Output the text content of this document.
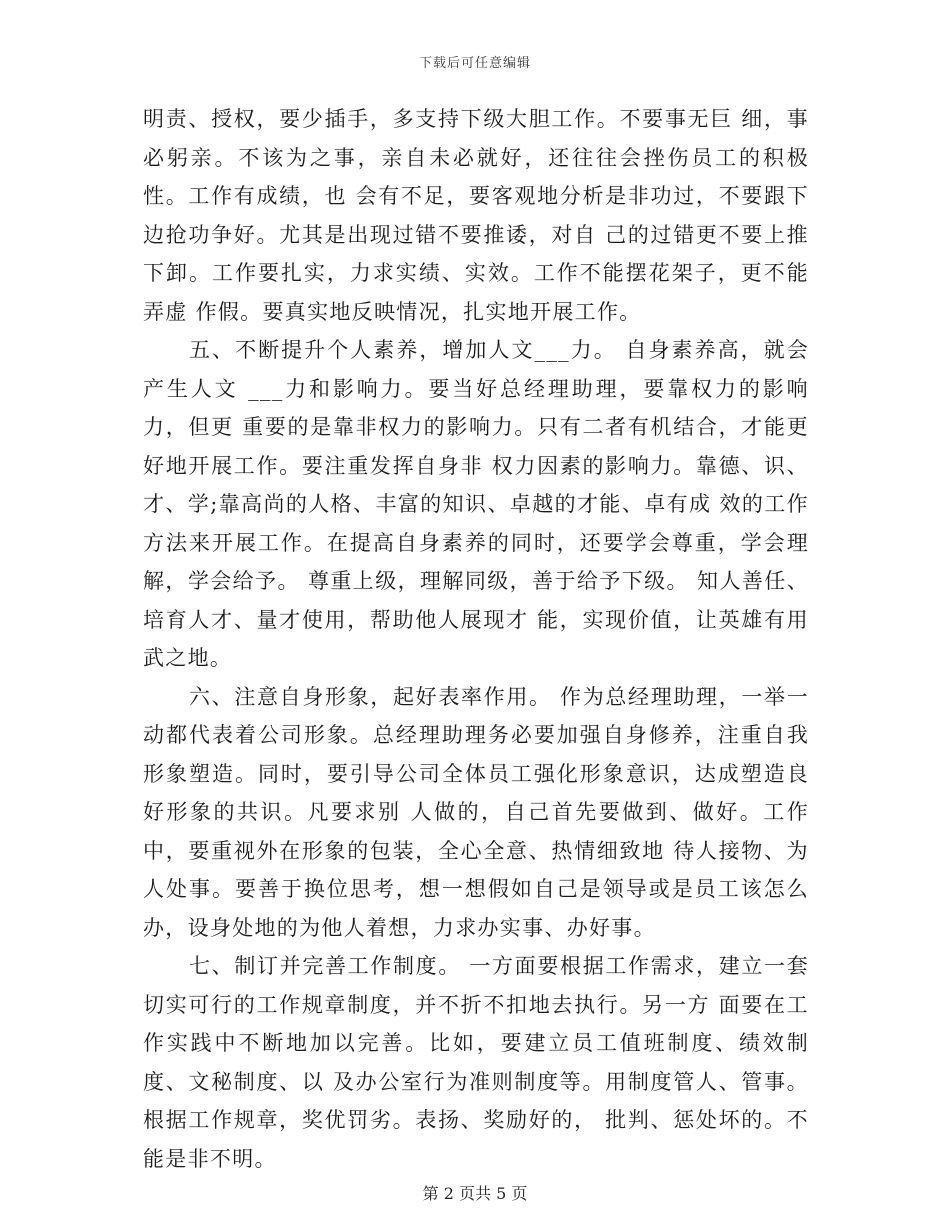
下载后可任意编辑

明责、授权，要少插手，多支持下级大胆工作。不要事无巨 细，事必躬亲。不该为之事，亲自未必就好，还往往会挫伤员工的积极性。工作有成绩，也 会有不足，要客观地分析是非功过，不要跟下边抢功争好。尤其是出现过错不要推诿，对自 己的过错更不要上推下卸。工作要扎实，力求实绩、实效。工作不能摆花架子，更不能弄虚 作假。要真实地反映情况，扎实地开展工作。

五、不断提升个人素养，增加人文___力。 自身素养高，就会产生人文 ___力和影响力。要当好总经理助理，要靠权力的影响力，但更 重要的是靠非权力的影响力。只有二者有机结合，才能更好地开展工作。要注重发挥自身非 权力因素的影响力。靠德、识、才、学;靠高尚的人格、丰富的知识、卓越的才能、卓有成 效的工作方法来开展工作。在提高自身素养的同时，还要学会尊重，学会理解，学会给予。 尊重上级，理解同级，善于给予下级。 知人善任、培育人才、量才使用，帮助他人展现才 能，实现价值，让英雄有用武之地。

六、注意自身形象，起好表率作用。 作为总经理助理，一举一动都代表着公司形象。总经理助理务必要加强自身修养，注重自我 形象塑造。同时，要引导公司全体员工强化形象意识，达成塑造良好形象的共识。凡要求别 人做的，自己首先要做到、做好。工作中，要重视外在形象的包装，全心全意、热情细致地 待人接物、为人处事。要善于换位思考，想一想假如自己是领导或是员工该怎么办，设身处地的为他人着想，力求办实事、办好事。

七、制订并完善工作制度。 一方面要根据工作需求，建立一套切实可行的工作规章制度，并不折不扣地去执行。另一方 面要在工作实践中不断地加以完善。比如，要建立员工值班制度、绩效制度、文秘制度、以 及办公室行为准则制度等。用制度管人、管事。根据工作规章，奖优罚劣。表扬、奖励好的， 批判、惩处坏的。不能是非不明。

第 2 页共 5 页
